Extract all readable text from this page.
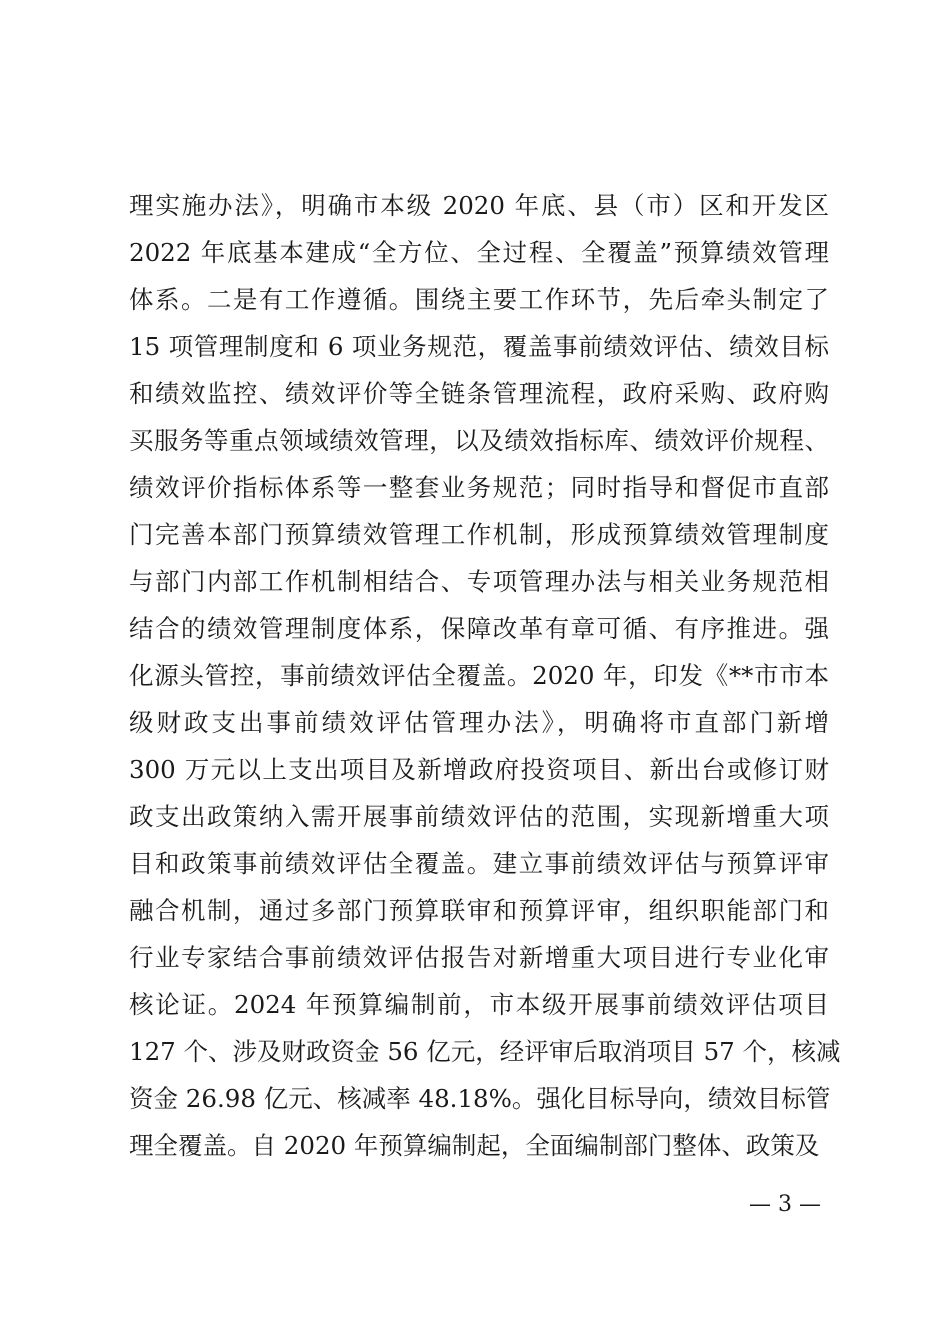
理实施办法》，明确市本级 2020 年底、县（市）区和开发区
2022 年底基本建成“全方位、全过程、全覆盖”预算绩效管理
体系。二是有工作遵循。围绕主要工作环节，先后牵头制定了
15 项管理制度和 6 项业务规范，覆盖事前绩效评估、绩效目标
和绩效监控、绩效评价等全链条管理流程，政府采购、政府购
买服务等重点领域绩效管理，以及绩效指标库、绩效评价规程、
绩效评价指标体系等一整套业务规范；同时指导和督促市直部
门完善本部门预算绩效管理工作机制，形成预算绩效管理制度
与部门内部工作机制相结合、专项管理办法与相关业务规范相
结合的绩效管理制度体系，保障改革有章可循、有序推进。强
化源头管控，事前绩效评估全覆盖。2020 年，印发《**市市本
级财政支出事前绩效评估管理办法》，明确将市直部门新增
300 万元以上支出项目及新增政府投资项目、新出台或修订财
政支出政策纳入需开展事前绩效评估的范围，实现新增重大项
目和政策事前绩效评估全覆盖。建立事前绩效评估与预算评审
融合机制，通过多部门预算联审和预算评审，组织职能部门和
行业专家结合事前绩效评估报告对新增重大项目进行专业化审
核论证。2024 年预算编制前，市本级开展事前绩效评估项目
127 个、涉及财政资金 56 亿元，经评审后取消项目 57 个，核减
资金 26.98 亿元、核减率 48.18%。强化目标导向，绩效目标管
理全覆盖。自 2020 年预算编制起，全面编制部门整体、政策及
— 3 —
